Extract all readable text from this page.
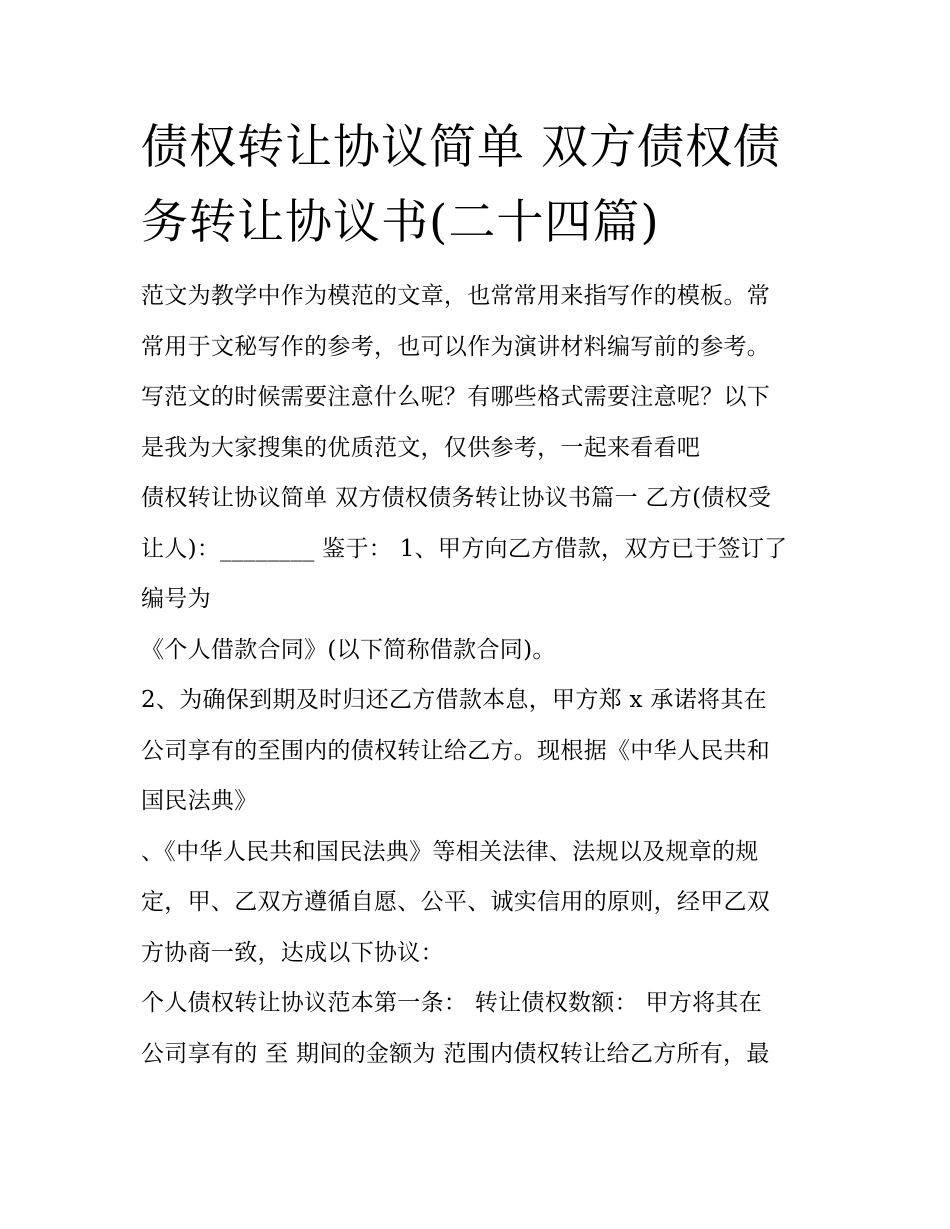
债权转让协议简单 双方债权债
务转让协议书(二十四篇)
范文为教学中作为模范的文章，也常常用来指写作的模板。常
常用于文秘写作的参考，也可以作为演讲材料编写前的参考。
写范文的时候需要注意什么呢？有哪些格式需要注意呢？以下
是我为大家搜集的优质范文，仅供参考，一起来看看吧
债权转让协议简单 双方债权债务转让协议书篇一 乙方(债权受
让人)：________ 鉴于： 1、甲方向乙方借款，双方已于签订了
编号为
《个人借款合同》(以下简称借款合同)。
2、为确保到期及时归还乙方借款本息，甲方郑 x 承诺将其在
公司享有的至围内的债权转让给乙方。现根据《中华人民共和
国民法典》
、《中华人民共和国民法典》等相关法律、法规以及规章的规
定，甲、乙双方遵循自愿、公平、诚实信用的原则，经甲乙双
方协商一致，达成以下协议：
个人债权转让协议范本第一条： 转让债权数额： 甲方将其在
公司享有的 至 期间的金额为 范围内债权转让给乙方所有，最
